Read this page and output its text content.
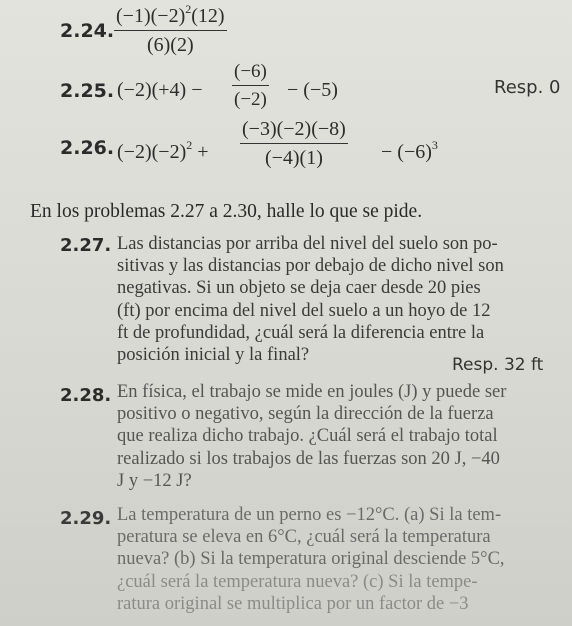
2.24. $\frac{(-1)(-2)^2(12)}{(6)(2)}$
2.25. $(-2)(+4) - \frac{(-6)}{(-2)} - (-5)$	Resp. 0
2.26. $(-2)(-2)^2 + \frac{(-3)(-2)(-8)}{(-4)(1)} - (-6)^3$
En los problemas 2.27 a 2.30, halle lo que se pide.
2.27. Las distancias por arriba del nivel del suelo son po-
sitivas y las distancias por debajo de dicho nivel son
negativas. Si un objeto se deja caer desde 20 pies
(ft) por encima del nivel del suelo a un hoyo de 12
ft de profundidad, ¿cuál será la diferencia entre la
posición inicial y la final?
Resp. 32 ft
2.28. En física, el trabajo se mide en joules (J) y puede ser
positivo o negativo, según la dirección de la fuerza
que realiza dicho trabajo. ¿Cuál será el trabajo total
realizado si los trabajos de las fuerzas son 20 J, −40
J y −12 J?
2.29. La temperatura de un perno es −12°C. (a) Si la tem-
peratura se eleva en 6°C, ¿cuál será la temperatura
nueva? (b) Si la temperatura original desciende 5°C,
¿cuál será la temperatura nueva? (c) Si la tempe-
ratura original se multiplica por un factor de −3
